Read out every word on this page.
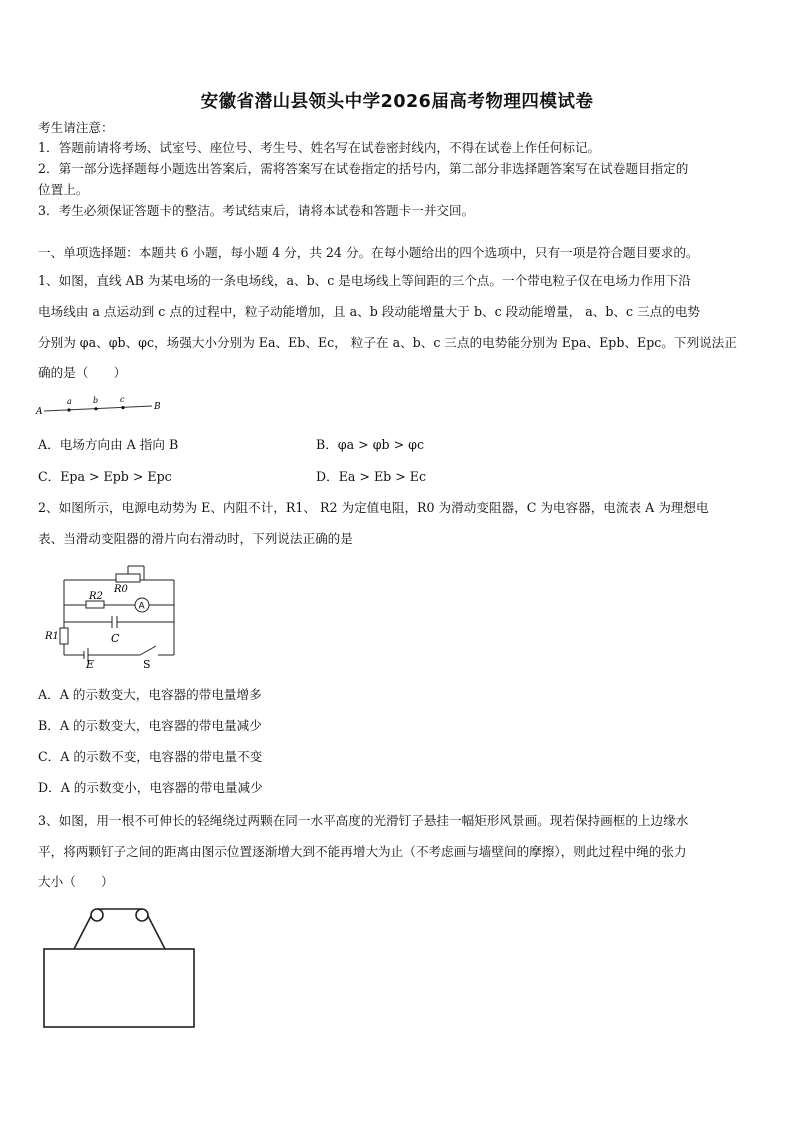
安徽省潜山县领头中学2026届高考物理四模试卷
考生请注意：
1．答题前请将考场、试室号、座位号、考生号、姓名写在试卷密封线内，不得在试卷上作任何标记。
2．第一部分选择题每小题选出答案后，需将答案写在试卷指定的括号内，第二部分非选择题答案写在试卷题目指定的
位置上。
3．考生必须保证答题卡的整洁。考试结束后，请将本试卷和答题卡一并交回。
一、单项选择题：本题共 6 小题，每小题 4 分，共 24 分。在每小题给出的四个选项中，只有一项是符合题目要求的。
1、如图，直线 AB 为某电场的一条电场线，a、b、c 是电场线上等间距的三个点。一个带电粒子仅在电场力作用下沿
电场线由 a 点运动到 c 点的过程中，粒子动能增加，且 a、b 段动能增量大于 b、c 段动能增量， a、b、c 三点的电势
分别为 φa、φb、φc，场强大小分别为 Ea、Eb、Ec， 粒子在 a、b、c 三点的电势能分别为 Epa、Epb、Epc。下列说法正
确的是（　　）
A
a	b	c
B
A．电场方向由 A 指向 B	B．φa > φb > φc
C．Epa > Epb > Epc	D．Ea > Eb > Ec
2、如图所示，电源电动势为 E、内阻不计，R1、 R2 为定值电阻，R0 为滑动变阻器，C 为电容器，电流表 A 为理想电
表、当滑动变阻器的滑片向右滑动时，下列说法正确的是
R2
R0
A
R1	C
E	S
A．A 的示数变大，电容器的带电量增多
B．A 的示数变大，电容器的带电量减少
C．A 的示数不变，电容器的带电量不变
D．A 的示数变小，电容器的带电量减少
3、如图，用一根不可伸长的轻绳绕过两颗在同一水平高度的光滑钉子悬挂一幅矩形风景画。现若保持画框的上边缘水
平，将两颗钉子之间的距离由图示位置逐渐增大到不能再增大为止（不考虑画与墙壁间的摩擦），则此过程中绳的张力
大小（　　）
